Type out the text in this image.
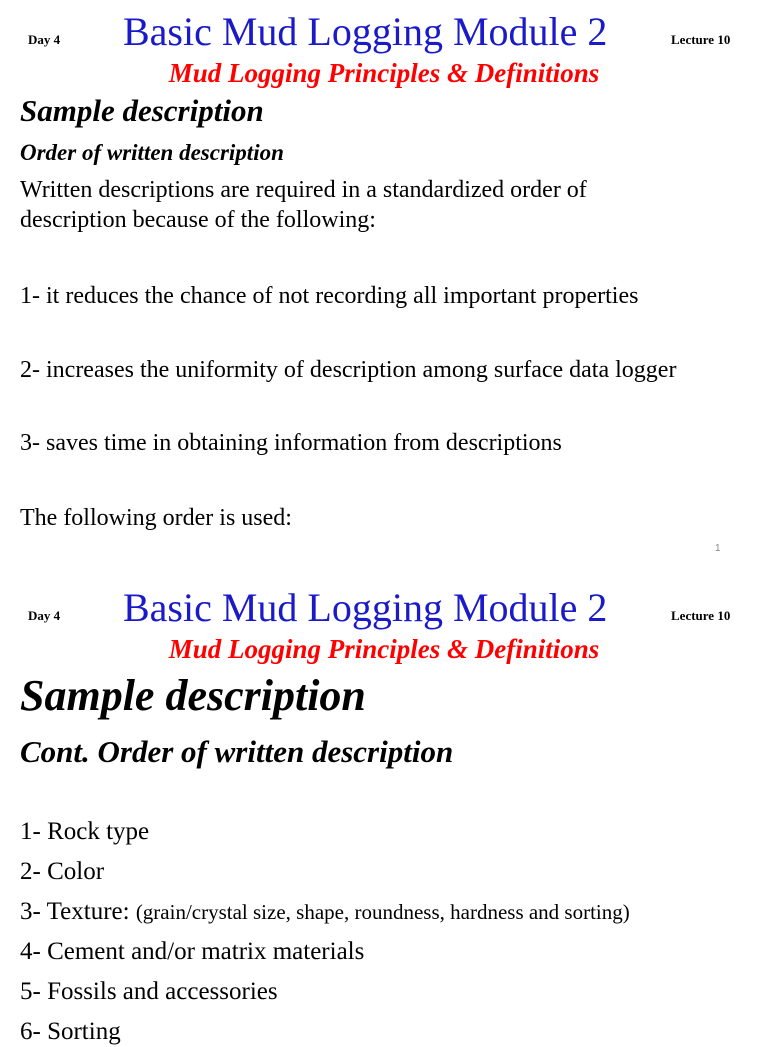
Day 4 Basic Mud Logging Module 2	Lecture 10
Mud Logging Principles & Definitions
Sample description
Order of written description
Written descriptions are required in a standardized order of
description because of the following:
1- it reduces the chance of not recording all important properties
2- increases the uniformity of description among surface data logger
3- saves time in obtaining information from descriptions
The following order is used:
1
Day 4 Basic Mud Logging Module 2	Lecture 10
Mud Logging Principles & Definitions
Sample description
Cont. Order of written description
1- Rock type
2- Color
3- Texture: (grain/crystal size, shape, roundness, hardness and sorting)
4- Cement and/or matrix materials
5- Fossils and accessories
6- Sorting
